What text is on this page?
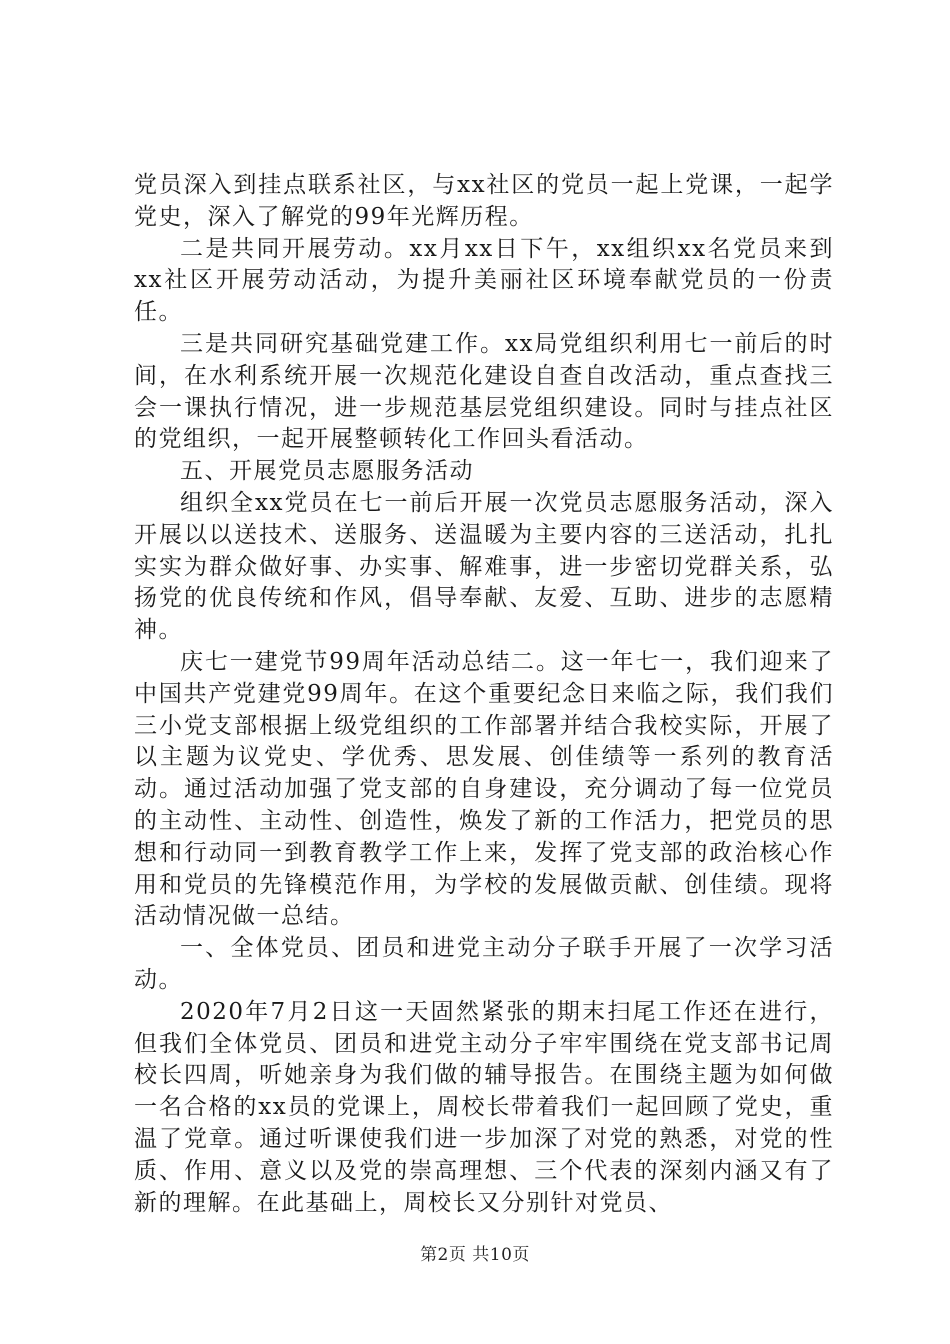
党员深入到挂点联系社区，与xx社区的党员一起上党课，一起学党史，深入了解党的99年光辉历程。

二是共同开展劳动。xx月xx日下午，xx组织xx名党员来到xx社区开展劳动活动，为提升美丽社区环境奉献党员的一份责任。

三是共同研究基础党建工作。xx局党组织利用七一前后的时间，在水利系统开展一次规范化建设自查自改活动，重点查找三会一课执行情况，进一步规范基层党组织建设。同时与挂点社区的党组织，一起开展整顿转化工作回头看活动。

五、开展党员志愿服务活动

组织全xx党员在七一前后开展一次党员志愿服务活动，深入开展以以送技术、送服务、送温暖为主要内容的三送活动，扎扎实实为群众做好事、办实事、解难事，进一步密切党群关系，弘扬党的优良传统和作风，倡导奉献、友爱、互助、进步的志愿精神。

庆七一建党节99周年活动总结二。这一年七一，我们迎来了中国共产党建党99周年。在这个重要纪念日来临之际，我们我们三小党支部根据上级党组织的工作部署并结合我校实际，开展了以主题为议党史、学优秀、思发展、创佳绩等一系列的教育活动。通过活动加强了党支部的自身建设，充分调动了每一位党员的主动性、主动性、创造性，焕发了新的工作活力，把党员的思想和行动同一到教育教学工作上来，发挥了党支部的政治核心作用和党员的先锋模范作用，为学校的发展做贡献、创佳绩。现将活动情况做一总结。

一、全体党员、团员和进党主动分子联手开展了一次学习活动。

2020年7月2日这一天固然紧张的期末扫尾工作还在进行，但我们全体党员、团员和进党主动分子牢牢围绕在党支部书记周校长四周，听她亲身为我们做的辅导报告。在围绕主题为如何做一名合格的xx员的党课上，周校长带着我们一起回顾了党史，重温了党章。通过听课使我们进一步加深了对党的熟悉，对党的性质、作用、意义以及党的崇高理想、三个代表的深刻内涵又有了新的理解。在此基础上，周校长又分别针对党员、

第2页 共10页
